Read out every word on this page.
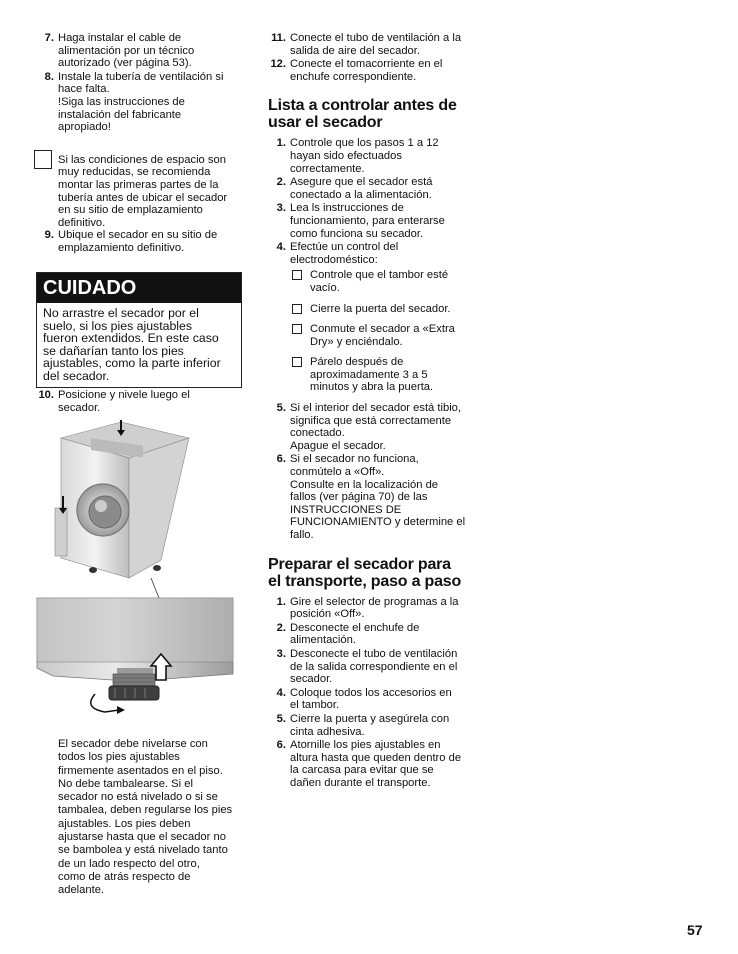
7. Haga instalar el cable de
alimentación por un técnico
autorizado (ver página 53).
8. Instale la tubería de ventilación si
hace falta.
!Siga las instrucciones de
instalación del fabricante
apropiado!
Si las condiciones de espacio son
muy reducidas, se recomienda
montar las primeras partes de la
tubería antes de ubicar el secador
en su sitio de emplazamiento
definitivo.
9. Ubique el secador en su sitio de
emplazamiento definitivo.
CUIDADO
No arrastre el secador por el
suelo, si los pies ajustables
fueron extendidos. En este caso
se dañarían tanto los pies
ajustables, como la parte inferior
del secador.
10. Posicione y nivele luego el
secador.
El secador debe nivelarse con
todos los pies ajustables
firmemente asentados en el piso.
No debe tambalearse. Si el
secador no está nivelado o si se
tambalea, deben regularse los pies
ajustables. Los pies deben
ajustarse hasta que el secador no
se bambolea y está nivelado tanto
de un lado respecto del otro,
como de atrás respecto de
adelante.
11. Conecte el tubo de ventilación a la
salida de aire del secador.
12. Conecte el tomacorriente en el
enchufe correspondiente.
Lista a controlar antes de
usar el secador
1. Controle que los pasos 1 a 12
hayan sido efectuados
correctamente.
2. Asegure que el secador está
conectado a la alimentación.
3. Lea ls instrucciones de
funcionamiento, para enterarse
como funciona su secador.
4. Efectúe un control del
electrodoméstico:
Controle que el tambor esté
vacío.
Cierre la puerta del secador.
Conmute el secador a «Extra
Dry» y enciéndalo.
Párelo después de
aproximadamente 3 a 5
minutos y abra la puerta.
5. Si el interior del secador está tibio,
significa que está correctamente
conectado.
Apague el secador.
6. Si el secador no funciona,
conmútelo a «Off».
Consulte en la localización de
fallos (ver página 70) de las
INSTRUCCIONES DE
FUNCIONAMIENTO y determine el
fallo.
Preparar el secador para
el transporte, paso a paso
1. Gire el selector de programas a la
posición «Off».
2. Desconecte el enchufe de
alimentación.
3. Desconecte el tubo de ventilación
de la salida correspondiente en el
secador.
4. Coloque todos los accesorios en
el tambor.
5. Cierre la puerta y asegúrela con
cinta adhesiva.
6. Atornille los pies ajustables en
altura hasta que queden dentro de
la carcasa para evitar que se
dañen durante el transporte.
57
